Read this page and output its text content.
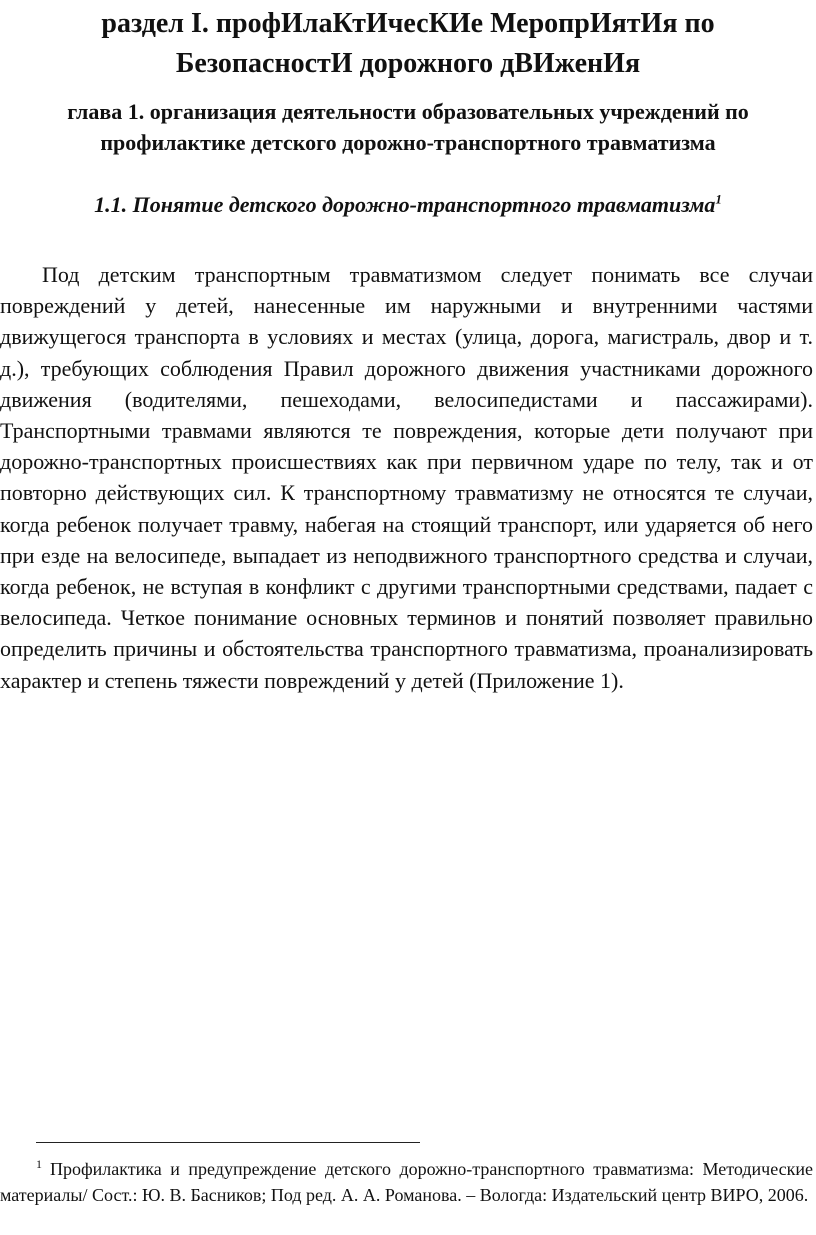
раздел I. профИлаКтИчесКИе МеропрИятИя по БезопасностИ дорожного дВИженИя
глава 1. организация деятельности образовательных учреждений по профилактике детского дорожно-транспортного травматизма
1.1. Понятие детского дорожно-транспортного травматизма$^1$

Под детским транспортным травматизмом следует понимать все случаи повреждений у детей, нанесенные им наружными и внутренними частями движущегося транспорта в условиях и местах (улица, дорога, магистраль, двор и т. д.), требующих соблюдения Правил дорожного движения участниками дорожного движения (водителями, пешеходами, велосипедистами и пассажирами). Транспортными травмами являются те повреждения, которые дети получают при дорожно-транспортных происшествиях как при первичном ударе по телу, так и от повторно действующих сил. К транспортному травматизму не относятся те случаи, когда ребенок получает травму, набегая на стоящий транспорт, или ударяется об него при езде на велосипеде, выпадает из неподвижного транспортного средства и случаи, когда ребенок, не вступая в конфликт с другими транспортными средствами, падает с велосипеда. Четкое понимание основных терминов и понятий позволяет правильно определить причины и обстоятельства транспортного травматизма, проанализировать характер и степень тяжести повреждений у детей (Приложение 1).

$^1$ Профилактика и предупреждение детского дорожно-транспортного травматизма: Методические материалы/ Сост.: Ю. В. Басников; Под ред. А. А. Романова. – Вологда: Издательский центр ВИРО, 2006.
